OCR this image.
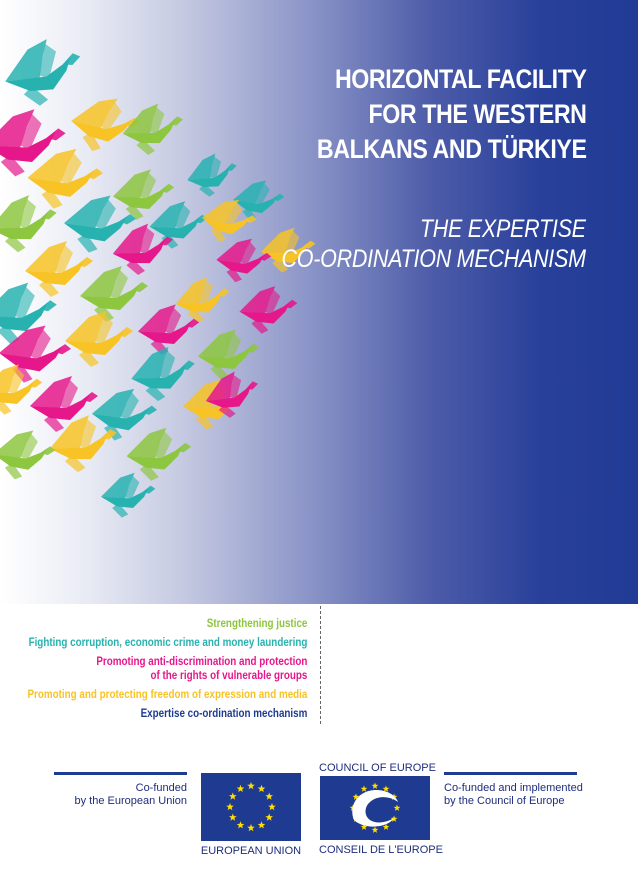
HORIZONTAL FACILITY
FOR THE WESTERN
BALKANS AND TÜRKIYE
THE EXPERTISE
CO-ORDINATION MECHANISM
Strengthening justice
Fighting corruption, economic crime and money laundering
Promoting anti-discrimination and protection
of the rights of vulnerable groups
Promoting and protecting freedom of expression and media
Expertise co-ordination mechanism
Co-funded
by the European Union
EUROPEAN UNION
COUNCIL OF EUROPE
CONSEIL DE L'EUROPE
Co-funded and implemented
by the Council of Europe
